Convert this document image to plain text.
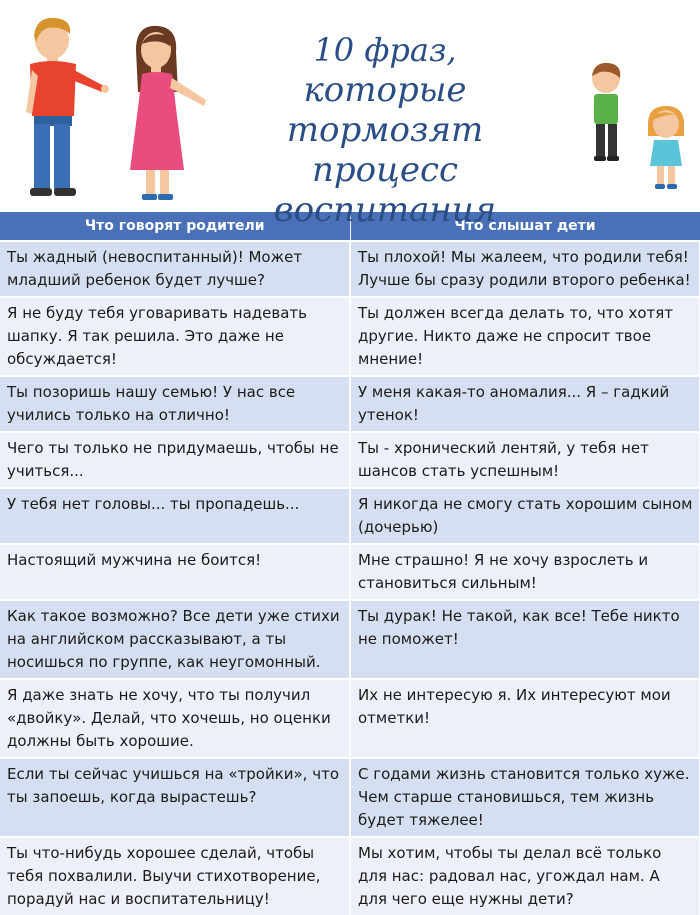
10 фраз,
которые тормозят
процесс воспитания
Что говорят родители	Что слышат дети
Ты жадный (невоспитанный)! Может младший ребенок будет лучше?	Ты плохой! Мы жалеем, что родили тебя! Лучше бы сразу родили второго ребенка!
Я не буду тебя уговаривать надевать шапку. Я так решила. Это даже не обсуждается!	Ты должен всегда делать то, что хотят другие. Никто даже не спросит твое мнение!
Ты позоришь нашу семью! У нас все учились только на отлично!	У меня какая-то аномалия... Я – гадкий утенок!
Чего ты только не придумаешь, чтобы не учиться...	Ты - хронический лентяй, у тебя нет шансов стать успешным!
У тебя нет головы... ты пропадешь...	Я никогда не смогу стать хорошим сыном (дочерью)
Настоящий мужчина не боится!	Мне страшно! Я не хочу взрослеть и становиться сильным!
Как такое возможно? Все дети уже стихи на английском рассказывают, а ты носишься по группе, как неугомонный.	Ты дурак! Не такой, как все! Тебе никто не поможет!
Я даже знать не хочу, что ты получил «двойку». Делай, что хочешь, но оценки должны быть хорошие.	Их не интересую я. Их интересуют мои отметки!
Если ты сейчас учишься на «тройки», что ты запоешь, когда вырастешь?	С годами жизнь становится только хуже. Чем старше становишься, тем жизнь будет тяжелее!
Ты что-нибудь хорошее сделай, чтобы тебя похвалили. Выучи стихотворение, порадуй нас и воспитательницу!	Мы хотим, чтобы ты делал всё только для нас: радовал нас, угождал нам. А для чего еще нужны дети?
